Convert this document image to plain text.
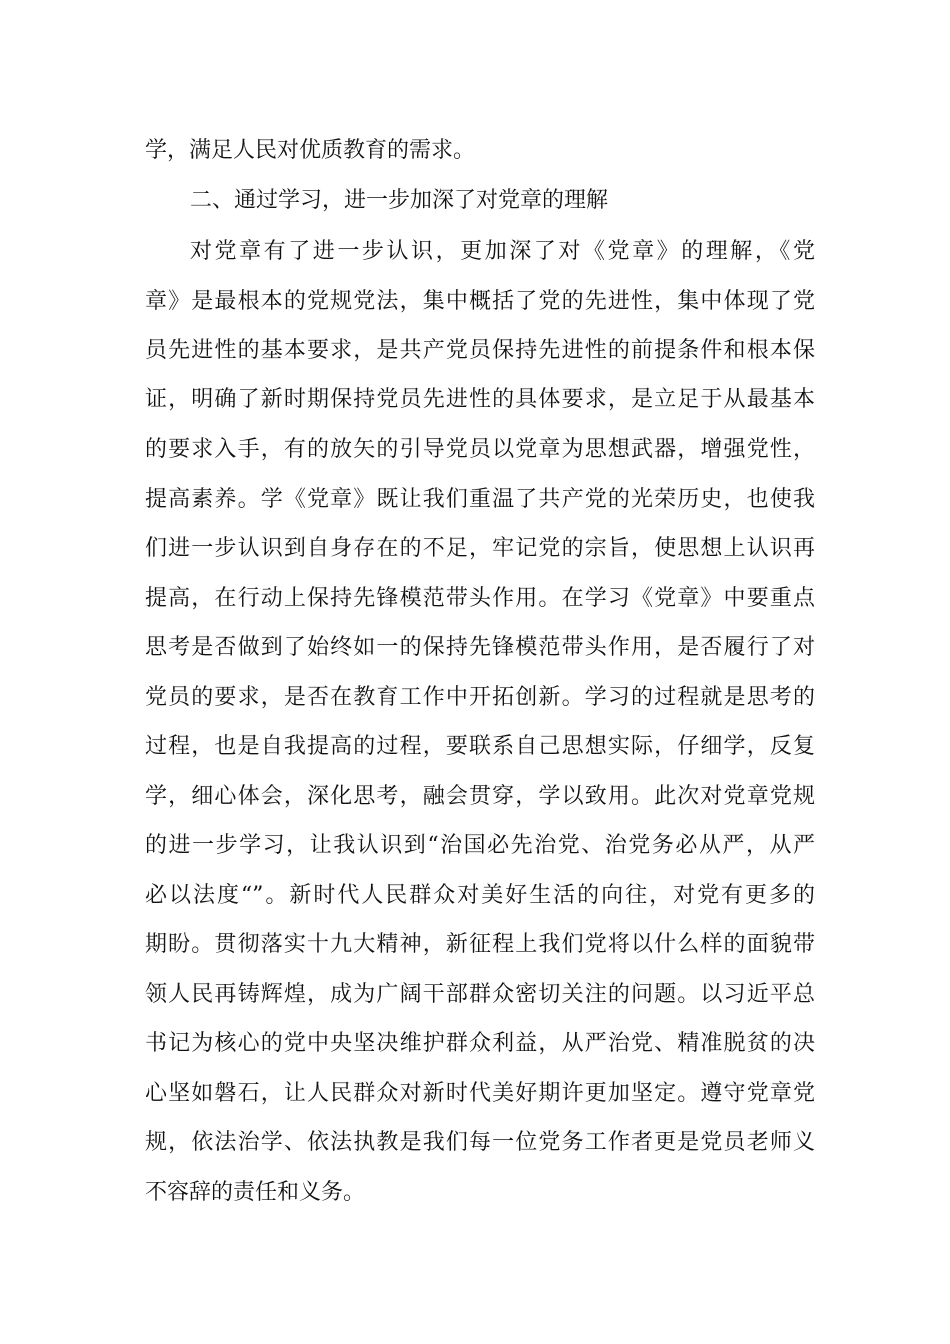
学，满足人民对优质教育的需求。

二、通过学习，进一步加深了对党章的理解

对党章有了进一步认识，更加深了对《党章》的理解，《党

章》是最根本的党规党法，集中概括了党的先进性，集中体现了党

员先进性的基本要求，是共产党员保持先进性的前提条件和根本保

证，明确了新时期保持党员先进性的具体要求，是立足于从最基本

的要求入手，有的放矢的引导党员以党章为思想武器，增强党性，

提高素养。学《党章》既让我们重温了共产党的光荣历史，也使我

们进一步认识到自身存在的不足，牢记党的宗旨，使思想上认识再

提高，在行动上保持先锋模范带头作用。在学习《党章》中要重点

思考是否做到了始终如一的保持先锋模范带头作用，是否履行了对

党员的要求，是否在教育工作中开拓创新。学习的过程就是思考的

过程，也是自我提高的过程，要联系自己思想实际，仔细学，反复

学，细心体会，深化思考，融会贯穿，学以致用。此次对党章党规

的进一步学习，让我认识到“治国必先治党、治党务必从严，从严

必以法度“”。新时代人民群众对美好生活的向往，对党有更多的

期盼。贯彻落实十九大精神，新征程上我们党将以什么样的面貌带

领人民再铸辉煌，成为广阔干部群众密切关注的问题。以习近平总

书记为核心的党中央坚决维护群众利益，从严治党、精准脱贫的决

心坚如磐石，让人民群众对新时代美好期许更加坚定。遵守党章党

规，依法治学、依法执教是我们每一位党务工作者更是党员老师义

不容辞的责任和义务。
